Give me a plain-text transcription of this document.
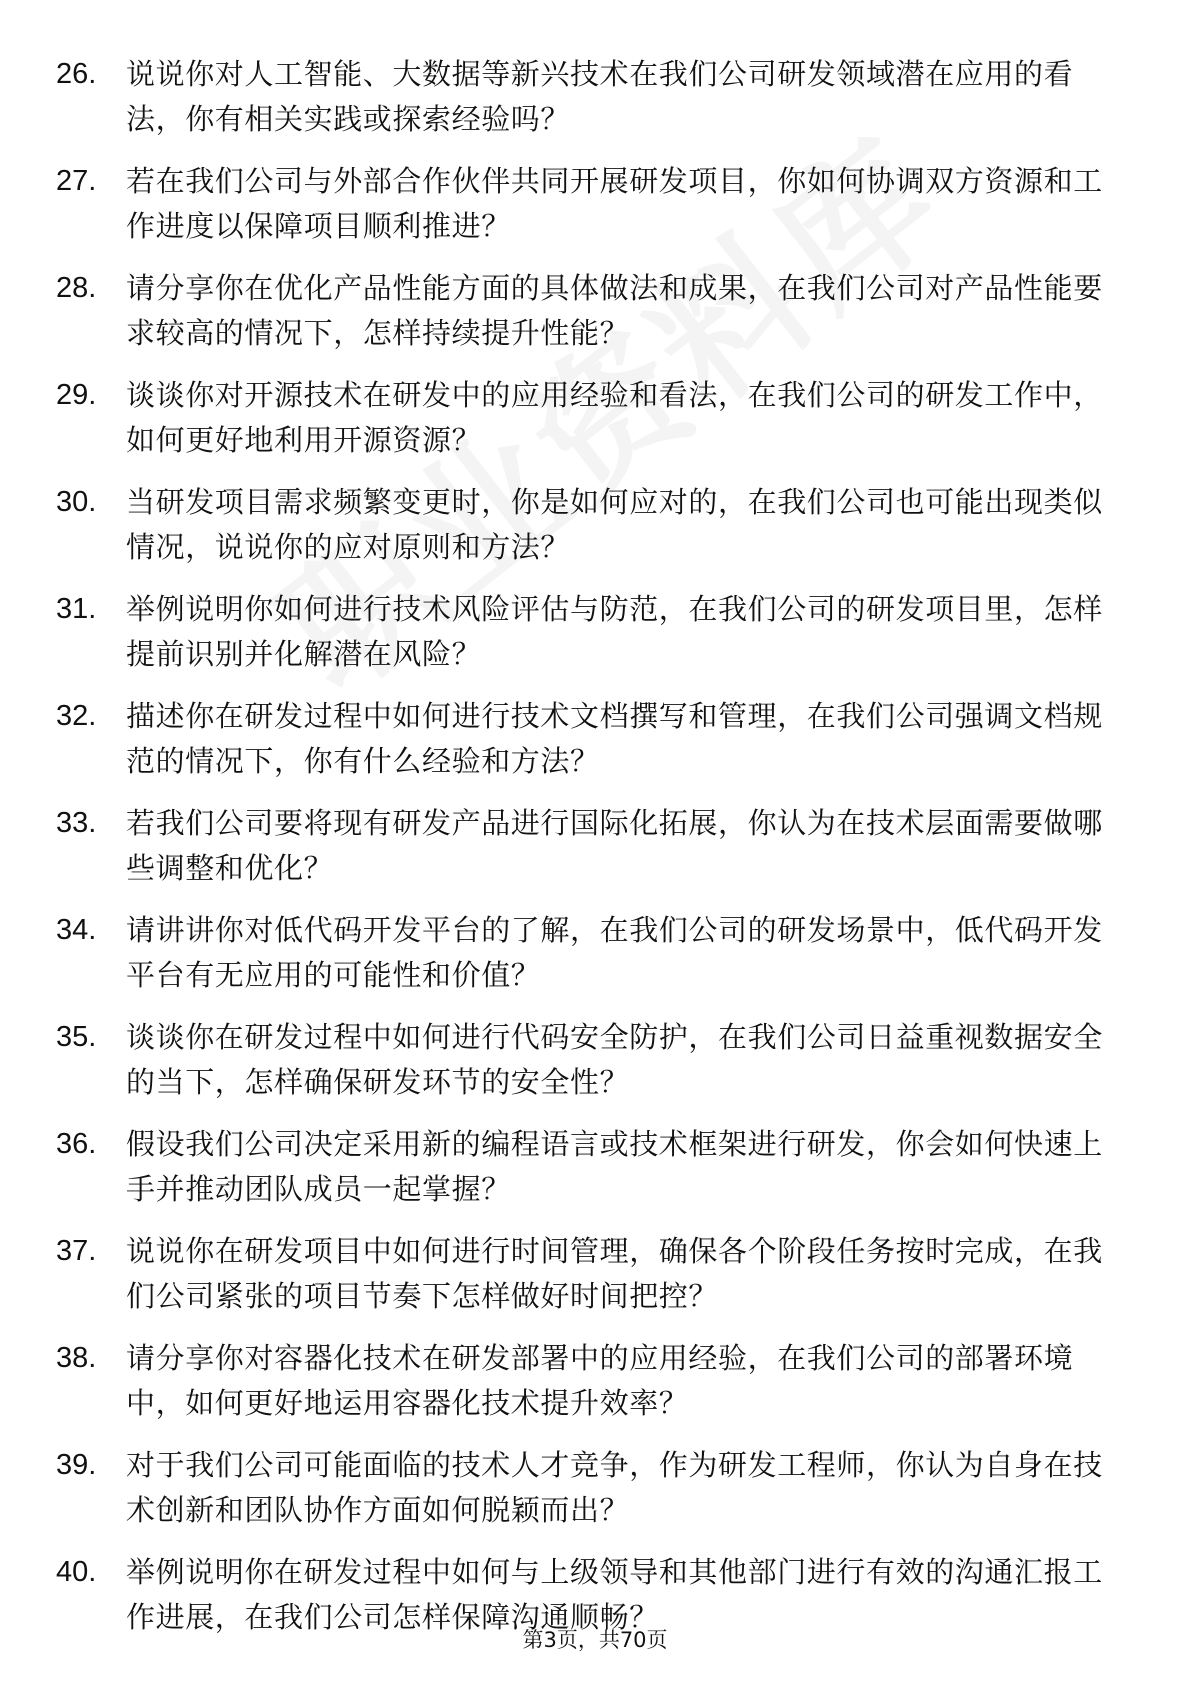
26.	说说你对人工智能、大数据等新兴技术在我们公司研发领域潜在应用的看法，你有相关实践或探索经验吗？
27.	若在我们公司与外部合作伙伴共同开展研发项目，你如何协调双方资源和工作进度以保障项目顺利推进？
28.	请分享你在优化产品性能方面的具体做法和成果，在我们公司对产品性能要求较高的情况下，怎样持续提升性能？
29.	谈谈你对开源技术在研发中的应用经验和看法，在我们公司的研发工作中，如何更好地利用开源资源？
30.	当研发项目需求频繁变更时，你是如何应对的，在我们公司也可能出现类似情况，说说你的应对原则和方法？
31.	举例说明你如何进行技术风险评估与防范，在我们公司的研发项目里，怎样提前识别并化解潜在风险？
32.	描述你在研发过程中如何进行技术文档撰写和管理，在我们公司强调文档规范的情况下，你有什么经验和方法？
33.	若我们公司要将现有研发产品进行国际化拓展，你认为在技术层面需要做哪些调整和优化？
34.	请讲讲你对低代码开发平台的了解，在我们公司的研发场景中，低代码开发平台有无应用的可能性和价值？
35.	谈谈你在研发过程中如何进行代码安全防护，在我们公司日益重视数据安全的当下，怎样确保研发环节的安全性？
36.	假设我们公司决定采用新的编程语言或技术框架进行研发，你会如何快速上手并推动团队成员一起掌握？
37.	说说你在研发项目中如何进行时间管理，确保各个阶段任务按时完成，在我们公司紧张的项目节奏下怎样做好时间把控？
38.	请分享你对容器化技术在研发部署中的应用经验，在我们公司的部署环境中，如何更好地运用容器化技术提升效率？
39.	对于我们公司可能面临的技术人才竞争，作为研发工程师，你认为自身在技术创新和团队协作方面如何脱颖而出？
40.	举例说明你在研发过程中如何与上级领导和其他部门进行有效的沟通汇报工作进展，在我们公司怎样保障沟通顺畅？
第3页，共70页
